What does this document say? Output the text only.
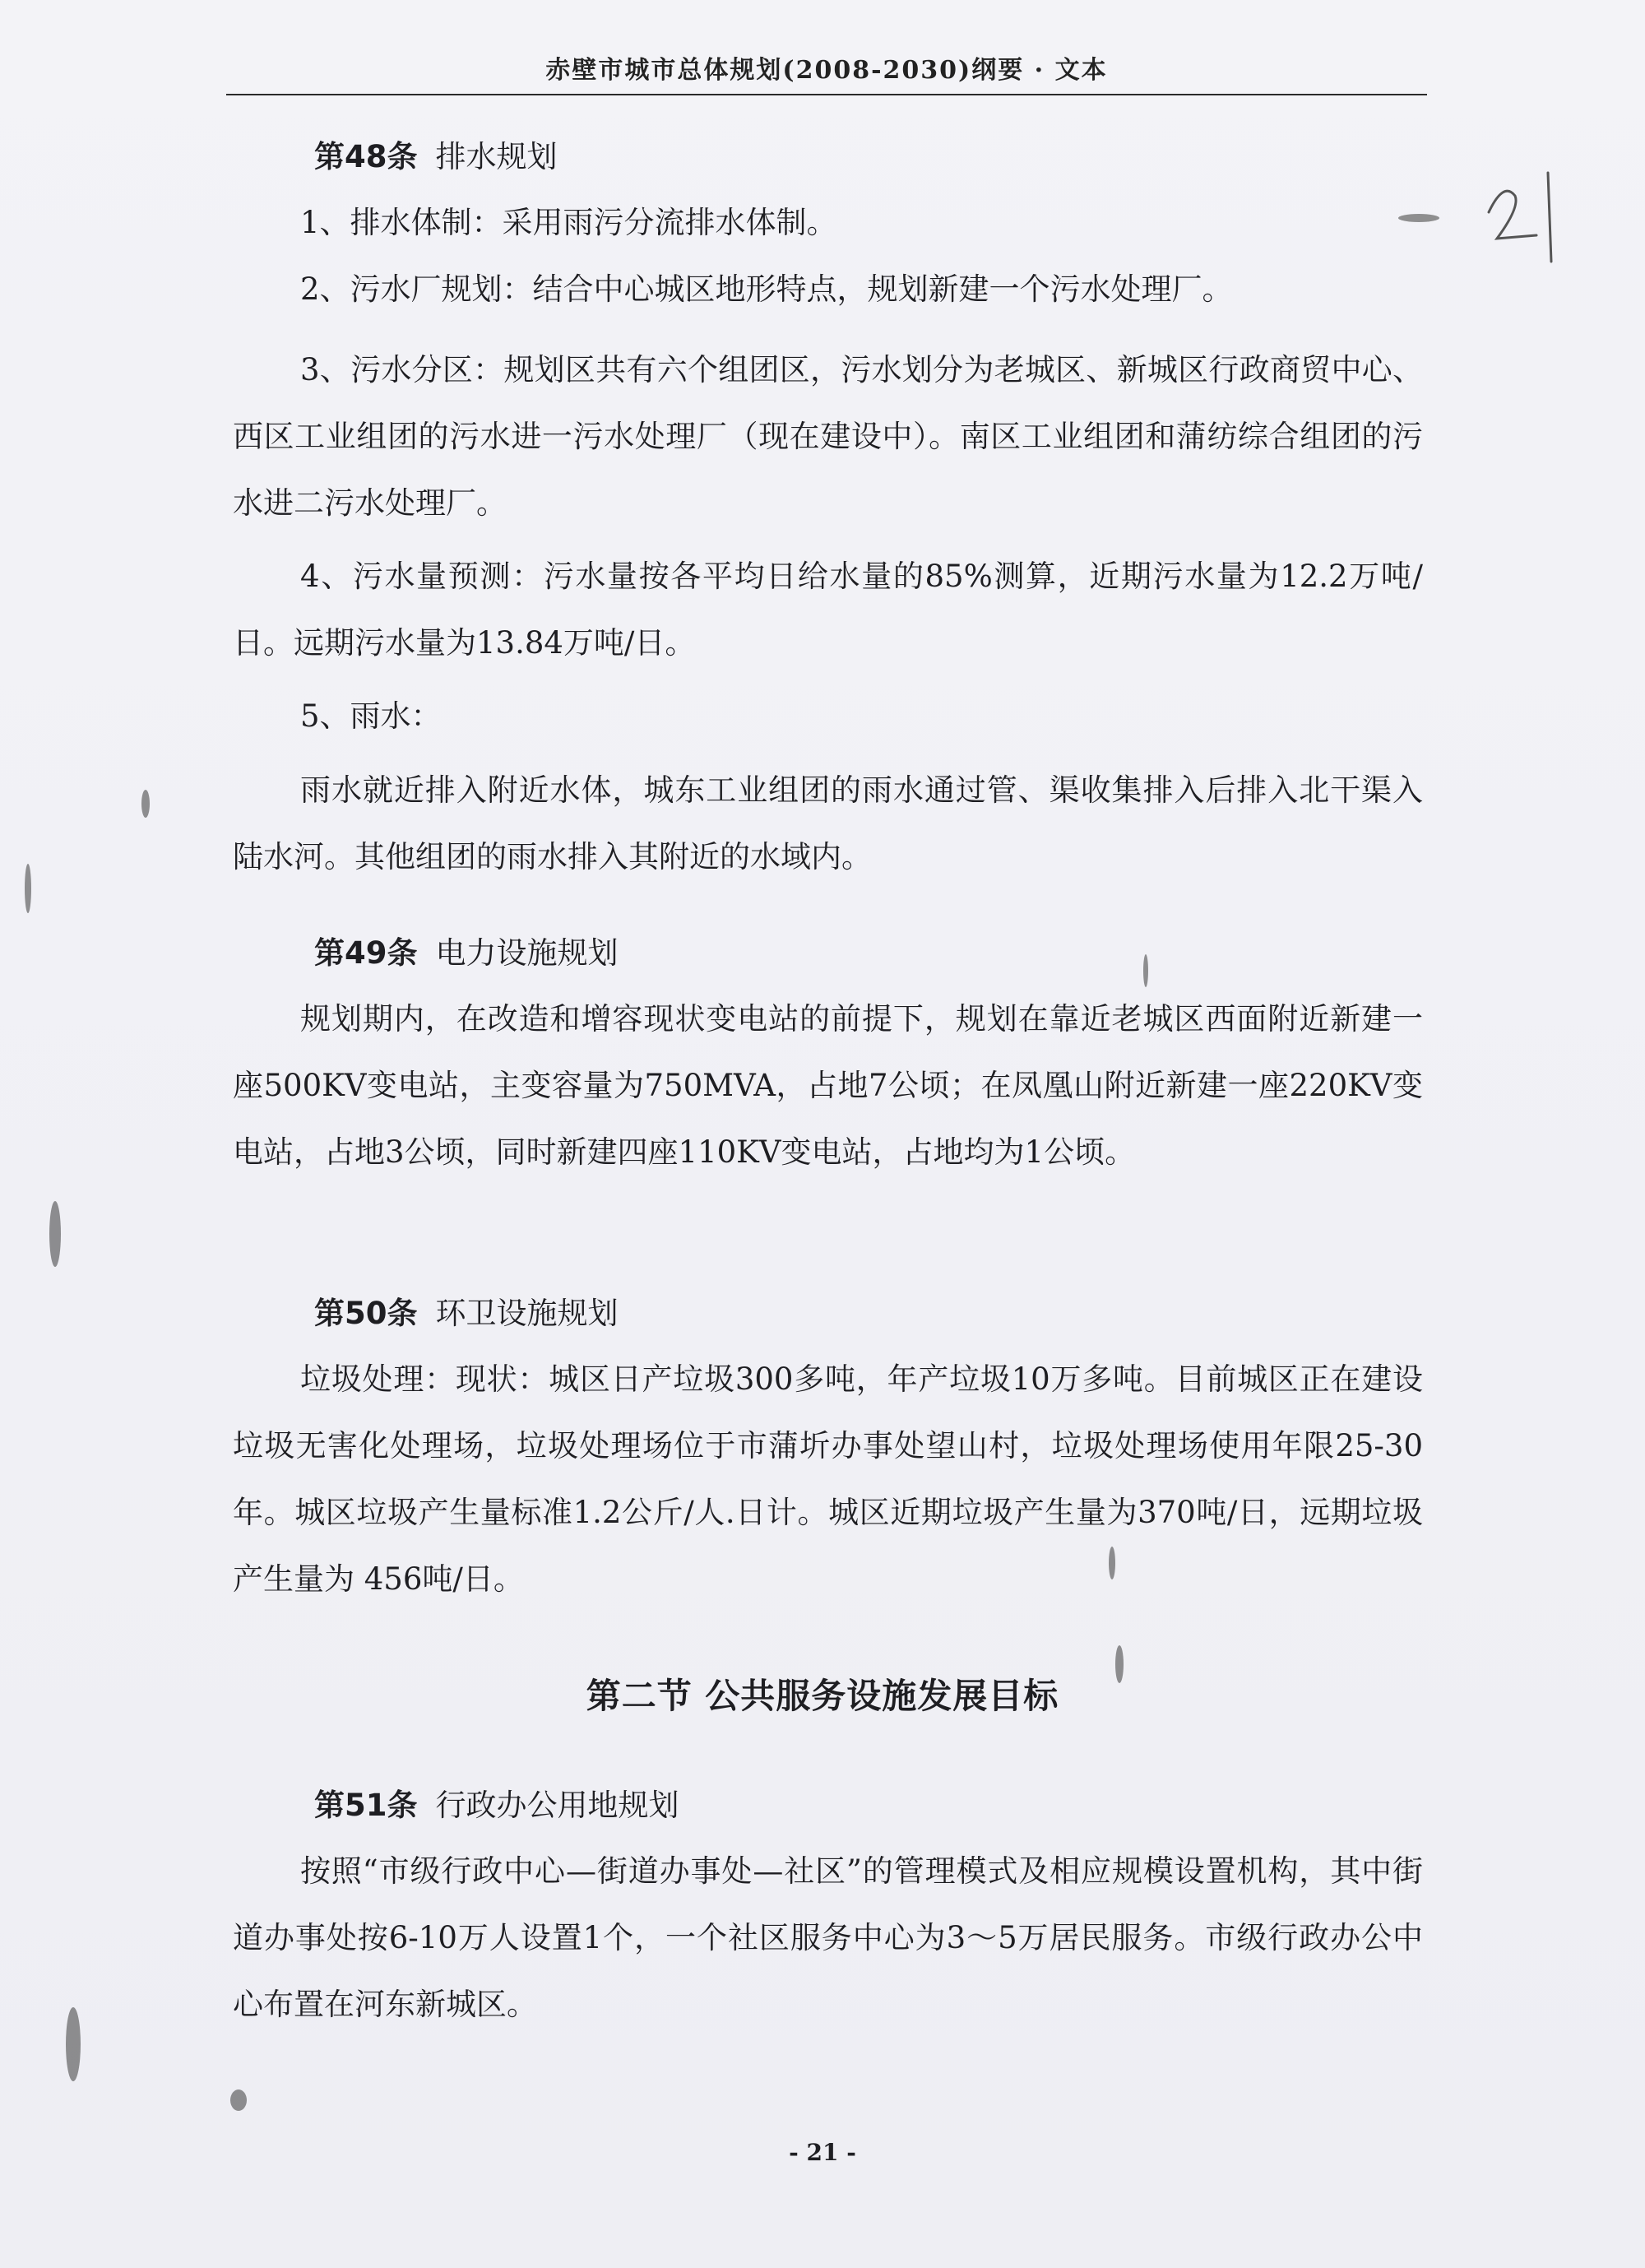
赤壁市城市总体规划(2008-2030)纲要 · 文本
第48条 排水规划

1、排水体制：采用雨污分流排水体制。

2、污水厂规划：结合中心城区地形特点，规划新建一个污水处理厂。

3、污水分区：规划区共有六个组团区，污水划分为老城区、新城区行政商贸中心、西区工业组团的污水进一污水处理厂（现在建设中）。南区工业组团和蒲纺综合组团的污水进二污水处理厂。

4、污水量预测：污水量按各平均日给水量的85%测算，近期污水量为12.2万吨/日。远期污水量为13.84万吨/日。

5、雨水：

雨水就近排入附近水体，城东工业组团的雨水通过管、渠收集排入后排入北干渠入陆水河。其他组团的雨水排入其附近的水域内。

第49条 电力设施规划

规划期内，在改造和增容现状变电站的前提下，规划在靠近老城区西面附近新建一座500KV变电站，主变容量为750MVA，占地7公顷；在凤凰山附近新建一座220KV变电站，占地3公顷，同时新建四座110KV变电站，占地均为1公顷。

第50条 环卫设施规划

垃圾处理：现状：城区日产垃圾300多吨，年产垃圾10万多吨。目前城区正在建设垃圾无害化处理场，垃圾处理场位于市蒲圻办事处望山村，垃圾处理场使用年限25-30年。城区垃圾产生量标准1.2公斤/人.日计。城区近期垃圾产生量为370吨/日，远期垃圾产生量为 456吨/日。

第二节 公共服务设施发展目标
第51条 行政办公用地规划

按照“市级行政中心—街道办事处—社区”的管理模式及相应规模设置机构，其中街道办事处按6-10万人设置1个，一个社区服务中心为3～5万居民服务。市级行政办公中心布置在河东新城区。

- 21 -
